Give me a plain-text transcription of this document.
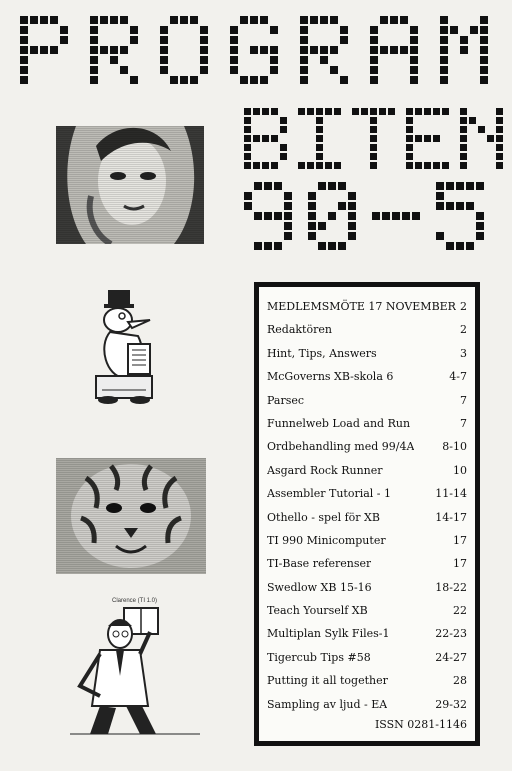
Clarence (TI 1.0)
MEDLEMSMÖTE 17 NOVEMBER 2
Redaktören	2
Hint, Tips, Answers	3
McGoverns XB-skola 6	4-7
Parsec	7
Funnelweb Load and Run	7
Ordbehandling med 99/4A	8-10
Asgard Rock Runner	10
Assembler Tutorial - 1	11-14
Othello - spel för XB	14-17
TI 990 Minicomputer	17
TI-Base referenser	17
Swedlow XB 15-16	18-22
Teach Yourself XB	22
Multiplan Sylk Files-1	22-23
Tigercub Tips #58	24-27
Putting it all together	28
Sampling av ljud - EA	29-32
ISSN 0281-1146
